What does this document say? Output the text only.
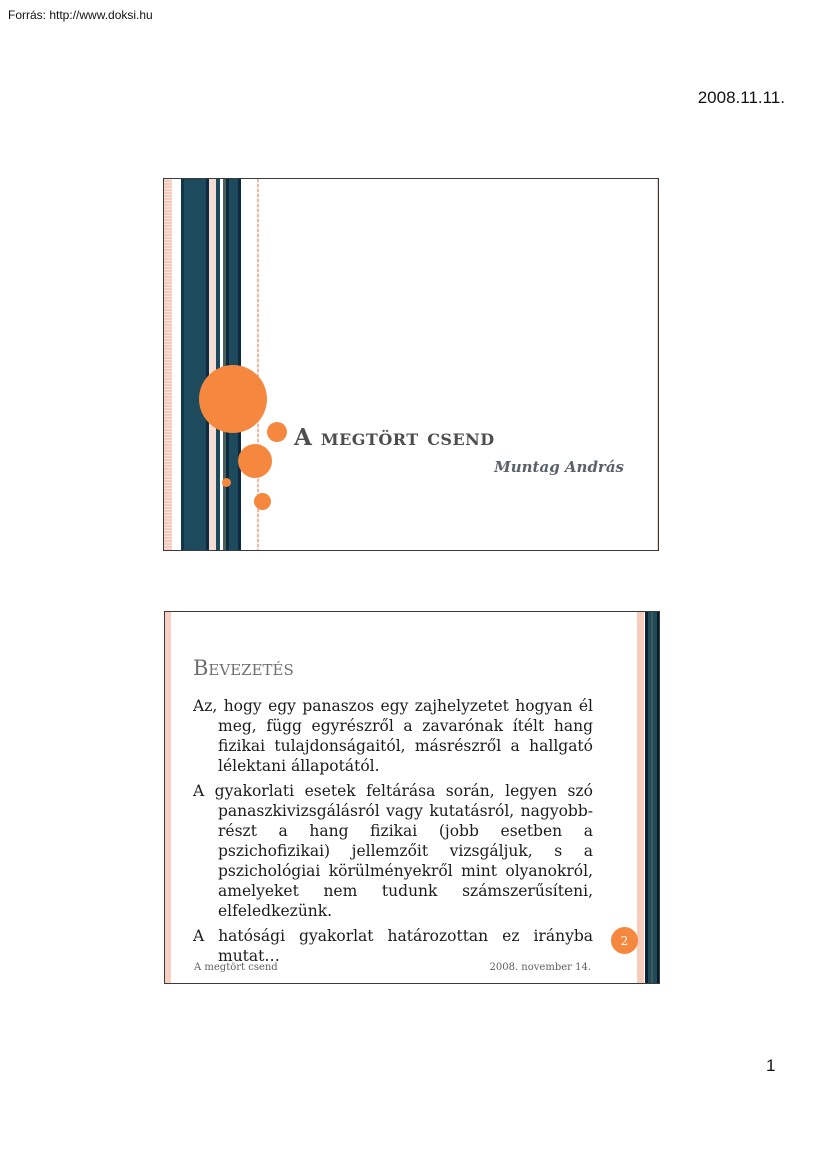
Forrás: http://www.doksi.hu
2008.11.11.
A megtört csend
Muntag András
Bevezetés

Az, hogy egy panaszos egy zajhelyzetet hogyan él meg, függ egyrészről a zavarónak ítélt hang fizikai tulajdonságaitól, másrészről a hallgató lélektani állapotától.

A gyakorlati esetek feltárása során, legyen szó panaszkivizsgálásról vagy kutatásról, nagyobb-részt a hang fizikai (jobb esetben a pszichofizikai) jellemzőit vizsgáljuk, s a pszichológiai körülményekről mint olyanokról, amelyeket nem tudunk számszerűsíteni, elfeledkezünk.

A hatósági gyakorlat határozottan ez irányba mutat…

2
A megtört csend	2008. november 14.
1
